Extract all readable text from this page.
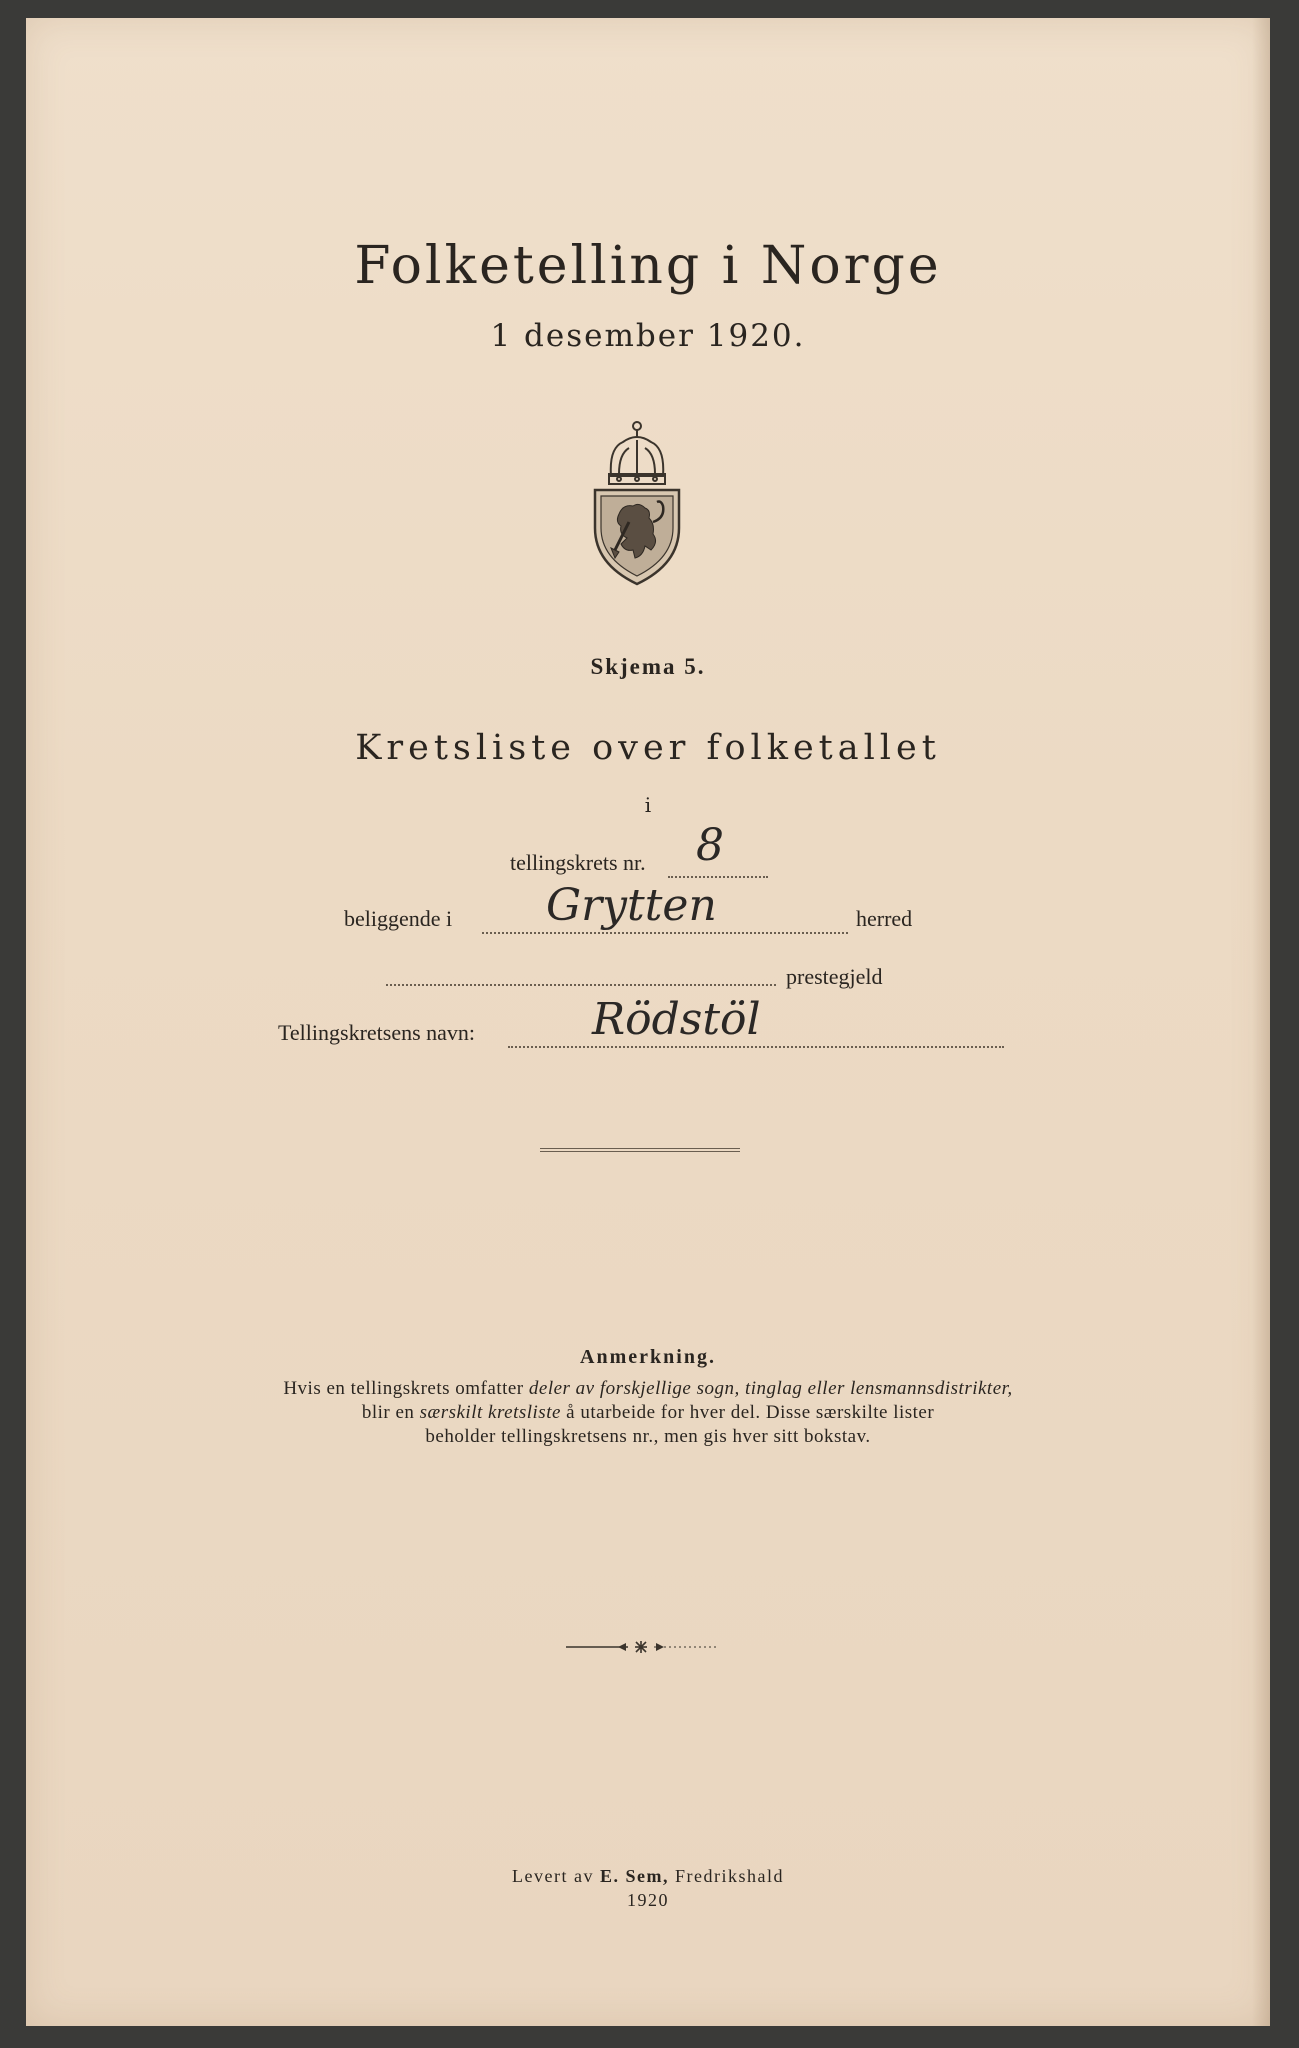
Folketelling i Norge
1 desember 1920.
Skjema 5.
Kretsliste over folketallet
i
tellingskrets nr. 8
beliggende i Grytten	herred
prestegjeld
Tellingskretsens navn:	Rödstöl
Anmerkning.
Hvis en tellingskrets omfatter deler av forskjellige sogn, tinglag eller lensmannsdistrikter,
blir en særskilt kretsliste å utarbeide for hver del. Disse særskilte lister
beholder tellingskretsens nr., men gis hver sitt bokstav.
Levert av E. Sem, Fredrikshald
1920
